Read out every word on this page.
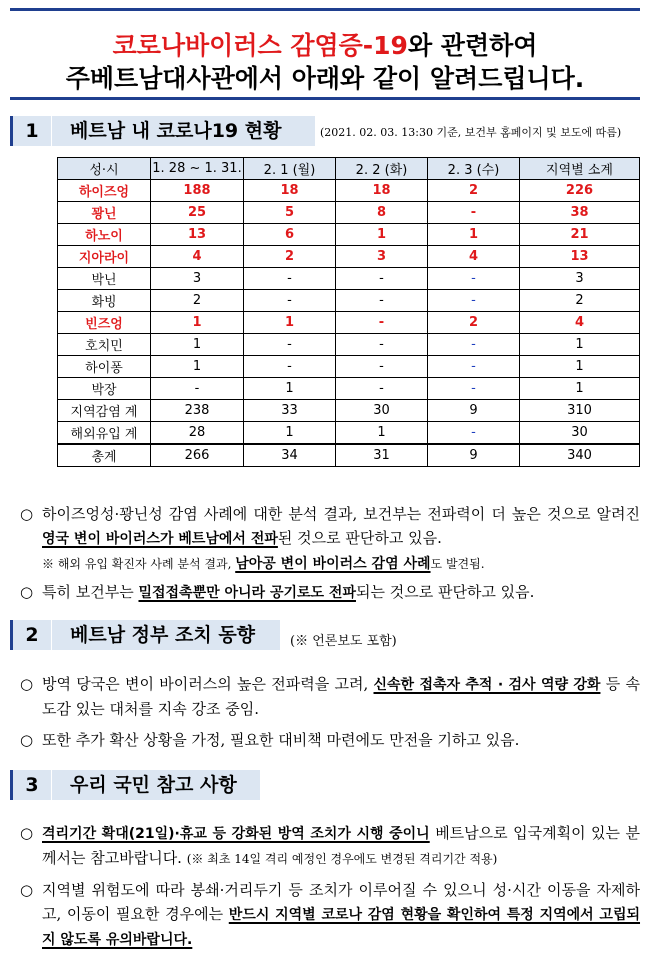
코로나바이러스 감염증-19와 관련하여
주베트남대사관에서 아래와 같이 알려드립니다.
1	베트남 내 코로나19 현황	(2021. 02. 03. 13:30 기준, 보건부 홈페이지 및 보도에 따름)
성·시	1. 28 ~ 1. 31.	2. 1 (월)	2. 2 (화)	2. 3 (수)	지역별 소계
하이즈엉	188	18	18	2	226
꽝닌	25	5	8	-	38
하노이	13	6	1	1	21
지아라이	4	2	3	4	13
박닌	3	-	-	-	3
화빙	2	-	-	-	2
빈즈엉	1	1	-	2	4
호치민	1	-	-	-	1
하이퐁	1	-	-	-	1
박장	-	1	-	-	1
지역감염 계	238	33	30	9	310
해외유입 계	28	1	1	-	30
총계	266	34	31	9	340
○ 하이즈엉성·꽝닌성 감염 사례에 대한 분석 결과, 보건부는 전파력이 더 높은 것으로 알려진 영국 변이 바이러스가 베트남에서 전파된 것으로 판단하고 있음.
※ 해외 유입 확진자 사례 분석 결과, 남아공 변이 바이러스 감염 사례도 발견됨.
○ 특히 보건부는 밀접접촉뿐만 아니라 공기로도 전파되는 것으로 판단하고 있음.
2	베트남 정부 조치 동향	(※ 언론보도 포함)
○ 방역 당국은 변이 바이러스의 높은 전파력을 고려, 신속한 접촉자 추적 · 검사 역량 강화 등 속도감 있는 대처를 지속 강조 중임.
○ 또한 추가 확산 상황을 가정, 필요한 대비책 마련에도 만전을 기하고 있음.
3	우리 국민 참고 사항
○ 격리기간 확대(21일)·휴교 등 강화된 방역 조치가 시행 중이니 베트남으로 입국계획이 있는 분께서는 참고바랍니다. (※ 최초 14일 격리 예정인 경우에도 변경된 격리기간 적용)
○ 지역별 위험도에 따라 봉쇄·거리두기 등 조치가 이루어질 수 있으니 성·시간 이동을 자제하고, 이동이 필요한 경우에는 반드시 지역별 코로나 감염 현황을 확인하여 특정 지역에서 고립되지 않도록 유의바랍니다.
